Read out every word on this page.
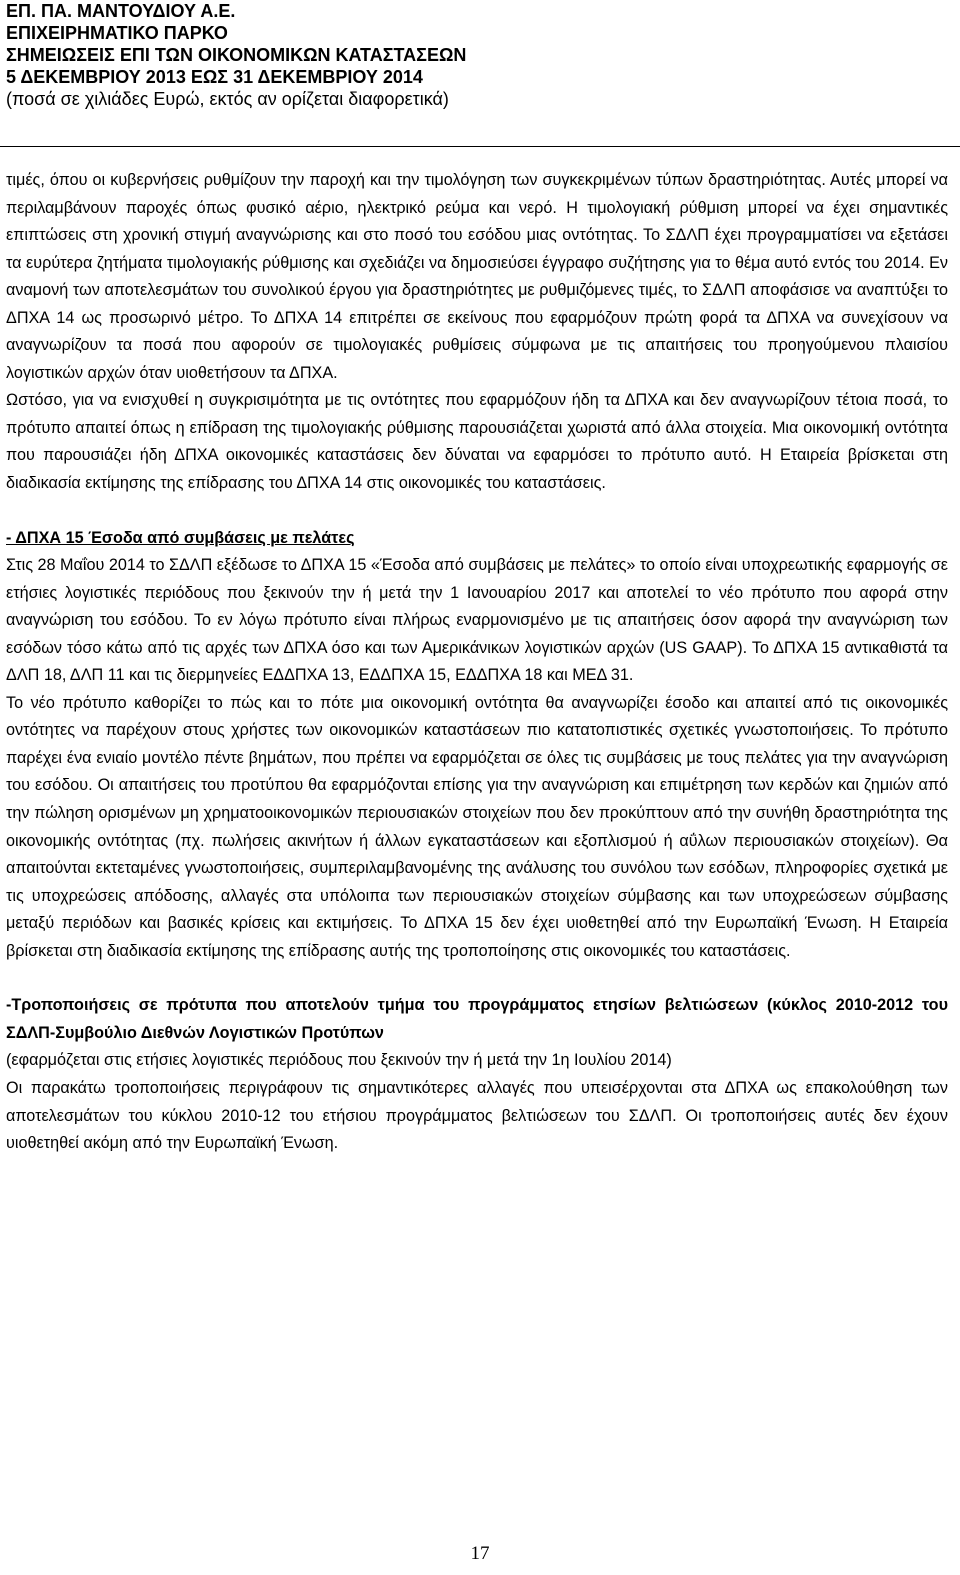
ΕΠ. ΠΑ. ΜΑΝΤΟΥΔΙΟΥ Α.Ε.

ΕΠΙΧΕΙΡΗΜΑΤΙΚΟ ΠΑΡΚΟ

ΣΗΜΕΙΩΣΕΙΣ ΕΠΙ ΤΩΝ ΟΙΚΟΝΟΜΙΚΩΝ ΚΑΤΑΣΤΑΣΕΩΝ

5 ΔΕΚΕΜΒΡΙΟΥ 2013 ΕΩΣ 31 ΔΕΚΕΜΒΡΙΟΥ 2014

(ποσά σε χιλιάδες Ευρώ, εκτός αν ορίζεται διαφορετικά)

τιμές, όπου οι κυβερνήσεις ρυθμίζουν την παροχή και την τιμολόγηση των συγκεκριμένων τύπων δραστηριότητας. Αυτές μπορεί να περιλαμβάνουν παροχές όπως φυσικό αέριο, ηλεκτρικό ρεύμα και νερό. Η τιμολογιακή ρύθμιση μπορεί να έχει σημαντικές επιπτώσεις στη χρονική στιγμή αναγνώρισης και στο ποσό του εσόδου μιας οντότητας. Το ΣΔΛΠ έχει προγραμματίσει να εξετάσει τα ευρύτερα ζητήματα τιμολογιακής ρύθμισης και σχεδιάζει να δημοσιεύσει έγγραφο συζήτησης για το θέμα αυτό εντός του 2014. Εν αναμονή των αποτελεσμάτων του συνολικού έργου για δραστηριότητες με ρυθμιζόμενες τιμές, το ΣΔΛΠ αποφάσισε να αναπτύξει το ΔΠΧΑ 14 ως προσωρινό μέτρο. Το ΔΠΧΑ 14 επιτρέπει σε εκείνους που εφαρμόζουν πρώτη φορά τα ΔΠΧΑ να συνεχίσουν να αναγνωρίζουν τα ποσά που αφορούν σε τιμολογιακές ρυθμίσεις σύμφωνα με τις απαιτήσεις του προηγούμενου πλαισίου λογιστικών αρχών όταν υιοθετήσουν τα ΔΠΧΑ.

Ωστόσο, για να ενισχυθεί η συγκρισιμότητα με τις οντότητες που εφαρμόζουν ήδη τα ΔΠΧΑ και δεν αναγνωρίζουν τέτοια ποσά, το πρότυπο απαιτεί όπως η επίδραση της τιμολογιακής ρύθμισης παρουσιάζεται χωριστά από άλλα στοιχεία. Μια οικονομική οντότητα που παρουσιάζει ήδη ΔΠΧΑ οικονομικές καταστάσεις δεν δύναται να εφαρμόσει το πρότυπο αυτό. Η Εταιρεία βρίσκεται στη διαδικασία εκτίμησης της επίδρασης του ΔΠΧΑ 14 στις οικονομικές του καταστάσεις.

- ΔΠΧΑ 15 Έσοδα από συμβάσεις με πελάτες

Στις 28 Μαΐου 2014 το ΣΔΛΠ εξέδωσε το ΔΠΧΑ 15 «Έσοδα από συμβάσεις με πελάτες» το οποίο είναι υποχρεωτικής εφαρμογής σε ετήσιες λογιστικές περιόδους που ξεκινούν την ή μετά την 1 Ιανουαρίου 2017 και αποτελεί το νέο πρότυπο που αφορά στην αναγνώριση του εσόδου. Το εν λόγω πρότυπο είναι πλήρως εναρμονισμένο με τις απαιτήσεις όσον αφορά την αναγνώριση των εσόδων τόσο κάτω από τις αρχές των ΔΠΧΑ όσο και των Αμερικάνικων λογιστικών αρχών (US GAAP). Το ΔΠΧΑ 15 αντικαθιστά τα ΔΛΠ 18, ΔΛΠ 11 και τις διερμηνείες ΕΔΔΠΧΑ 13, ΕΔΔΠΧΑ 15, ΕΔΔΠΧΑ 18 και ΜΕΔ 31.

Το νέο πρότυπο καθορίζει το πώς και το πότε μια οικονομική οντότητα θα αναγνωρίζει έσοδο και απαιτεί από τις οικονομικές οντότητες να παρέχουν στους χρήστες των οικονομικών καταστάσεων πιο κατατοπιστικές σχετικές γνωστοποιήσεις. Το πρότυπο παρέχει ένα ενιαίο μοντέλο πέντε βημάτων, που πρέπει να εφαρμόζεται σε όλες τις συμβάσεις με τους πελάτες για την αναγνώριση του εσόδου. Οι απαιτήσεις του προτύπου θα εφαρμόζονται επίσης για την αναγνώριση και επιμέτρηση των κερδών και ζημιών από την πώληση ορισμένων μη χρηματοοικονομικών περιουσιακών στοιχείων που δεν προκύπτουν από την συνήθη δραστηριότητα της οικονομικής οντότητας (πχ. πωλήσεις ακινήτων ή άλλων εγκαταστάσεων και εξοπλισμού ή αΰλων περιουσιακών στοιχείων). Θα απαιτούνται εκτεταμένες γνωστοποιήσεις, συμπεριλαμβανομένης της ανάλυσης του συνόλου των εσόδων, πληροφορίες σχετικά με τις υποχρεώσεις απόδοσης, αλλαγές στα υπόλοιπα των περιουσιακών στοιχείων σύμβασης και των υποχρεώσεων σύμβασης μεταξύ περιόδων και βασικές κρίσεις και εκτιμήσεις. Το ΔΠΧΑ 15 δεν έχει υιοθετηθεί από την Ευρωπαϊκή Ένωση. Η Εταιρεία βρίσκεται στη διαδικασία εκτίμησης της επίδρασης αυτής της τροποποίησης στις οικονομικές του καταστάσεις.

-Τροποποιήσεις σε πρότυπα που αποτελούν τμήμα του προγράμματος ετησίων βελτιώσεων (κύκλος 2010-2012 του ΣΔΛΠ-Συμβούλιο Διεθνών Λογιστικών Προτύπων

(εφαρμόζεται στις ετήσιες λογιστικές περιόδους που ξεκινούν την ή μετά την 1η Ιουλίου 2014)

Οι παρακάτω τροποποιήσεις περιγράφουν τις σημαντικότερες αλλαγές που υπεισέρχονται στα ΔΠΧΑ ως επακολούθηση των αποτελεσμάτων του κύκλου 2010-12 του ετήσιου προγράμματος βελτιώσεων του ΣΔΛΠ. Οι τροποποιήσεις αυτές δεν έχουν υιοθετηθεί ακόμη από την Ευρωπαϊκή Ένωση.

17
